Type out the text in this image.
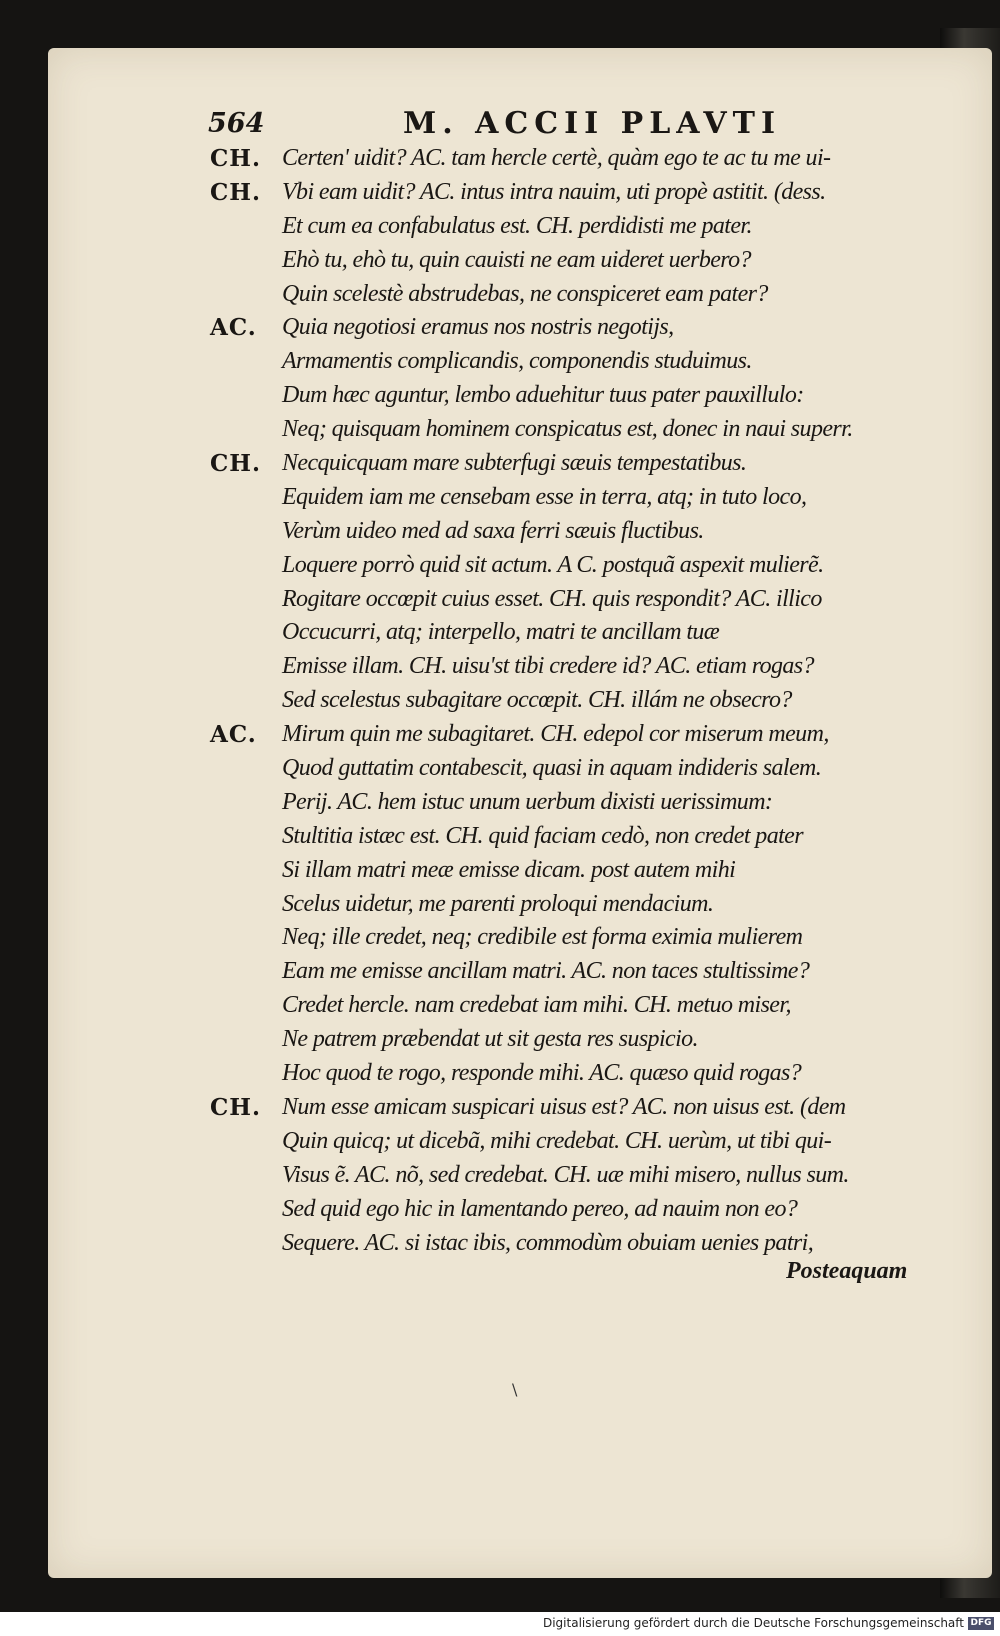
564	M. ACCII PLAVTI
CH. Certen' uidit? AC. tam hercle certè, quàm ego te ac tu me ui-
CH. Vbi eam uidit? AC. intus intra nauim, uti propè astitit. (dess.
Et cum ea confabulatus est. CH. perdidisti me pater.
Ehò tu, ehò tu, quin cauisti ne eam uideret uerbero?
Quin scelestè abstrudebas, ne conspiceret eam pater?
AC.	Quia negotiosi eramus nos nostris negotijs,
Armamentis complicandis, componendis studuimus.
Dum hæc aguntur, lembo aduehitur tuus pater pauxillulo:
Neq; quisquam hominem conspicatus est, donec in naui superr.
CH. Necquicquam mare subterfugi sæuis tempestatibus.
Equidem iam me censebam esse in terra, atq; in tuto loco,
Verùm uideo med ad saxa ferri sæuis fluctibus.
Loquere porrò quid sit actum. A C. postquã aspexit mulierẽ.
Rogitare occœpit cuius esset. CH. quis respondit? AC. illico
Occucurri, atq; interpello, matri te ancillam tuæ
Emisse illam. CH. uisu'st tibi credere id? AC. etiam rogas?
Sed scelestus subagitare occœpit. CH. illám ne obsecro?
AC.	Mirum quin me subagitaret. CH. edepol cor miserum meum,
Quod guttatim contabescit, quasi in aquam indideris salem.
Perij. AC. hem istuc unum uerbum dixisti uerissimum:
Stultitia istæc est. CH. quid faciam cedò, non credet pater
Si illam matri meæ emisse dicam. post autem mihi
Scelus uidetur, me parenti proloqui mendacium.
Neq; ille credet, neq; credibile est forma eximia mulierem
Eam me emisse ancillam matri. AC. non taces stultissime?
Credet hercle. nam credebat iam mihi. CH. metuo miser,
Ne patrem præbendat ut sit gesta res suspicio.
Hoc quod te rogo, responde mihi. AC. quæso quid rogas?
CH. Num esse amicam suspicari uisus est? AC. non uisus est. (dem
Quin quicq; ut dicebã, mihi credebat. CH. uerùm, ut tibi qui-
Visus ẽ. AC. nõ, sed credebat. CH. uæ mihi misero, nullus sum.
Sed quid ego hic in lamentando pereo, ad nauim non eo?
Sequere. AC. si istac ibis, commodùm obuiam uenies patri,
Posteaquam
\
Digitalisierung gefördert durch die Deutsche Forschungsgemeinschaft DFG
